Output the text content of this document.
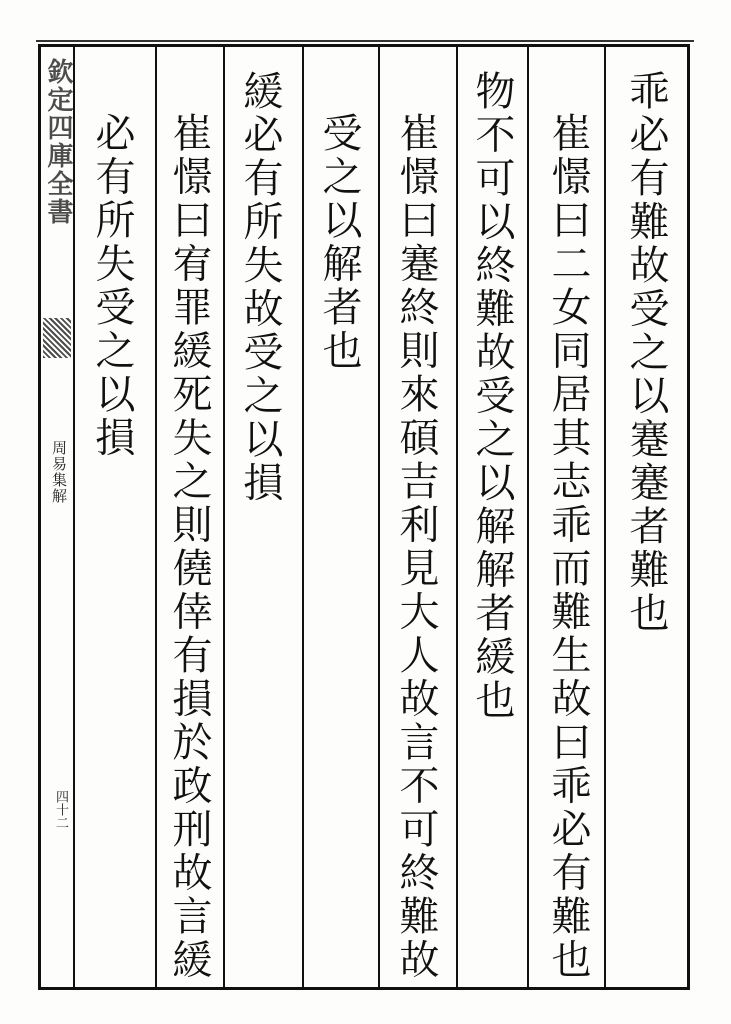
欽定四庫全書
周易集解
四十二
乖必有難故受之以蹇蹇者難也
崔憬曰二女同居其志乖而難生故曰乖必有難也
物不可以終難故受之以解解者緩也
崔憬曰蹇終則來碩吉利見大人故言不可終難故
受之以解者也
緩必有所失故受之以損
崔憬曰宥罪緩死失之則僥倖有損於政刑故言緩
必有所失受之以損
